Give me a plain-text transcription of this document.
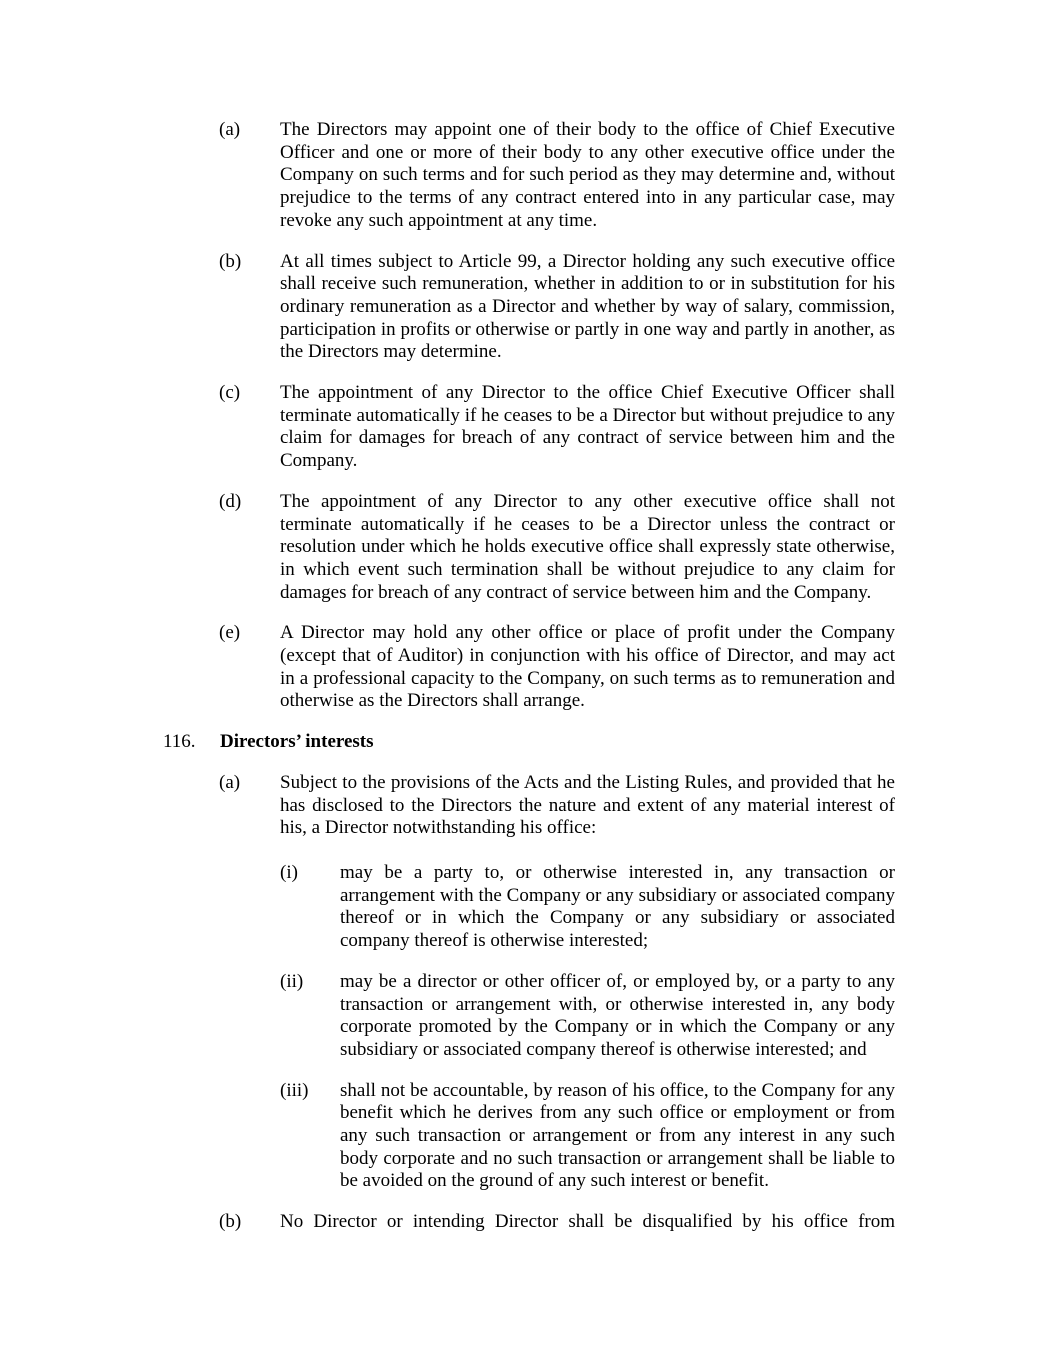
(a)	The Directors may appoint one of their body to the office of Chief Executive Officer and one or more of their body to any other executive office under the Company on such terms and for such period as they may determine and, without prejudice to the terms of any contract entered into in any particular case, may revoke any such appointment at any time.
(b)	At all times subject to Article 99, a Director holding any such executive office shall receive such remuneration, whether in addition to or in substitution for his ordinary remuneration as a Director and whether by way of salary, commission, participation in profits or otherwise or partly in one way and partly in another, as the Directors may determine.
(c)	The appointment of any Director to the office Chief Executive Officer shall terminate automatically if he ceases to be a Director but without prejudice to any claim for damages for breach of any contract of service between him and the Company.
(d)	The appointment of any Director to any other executive office shall not terminate automatically if he ceases to be a Director unless the contract or resolution under which he holds executive office shall expressly state otherwise, in which event such termination shall be without prejudice to any claim for damages for breach of any contract of service between him and the Company.
(e)	A Director may hold any other office or place of profit under the Company (except that of Auditor) in conjunction with his office of Director, and may act in a professional capacity to the Company, on such terms as to remuneration and otherwise as the Directors shall arrange.
116.	Directors’ interests
(a)	Subject to the provisions of the Acts and the Listing Rules, and provided that he has disclosed to the Directors the nature and extent of any material interest of his, a Director notwithstanding his office:
(i)	may be a party to, or otherwise interested in, any transaction or arrangement with the Company or any subsidiary or associated company thereof or in which the Company or any subsidiary or associated company thereof is otherwise interested;
(ii)	may be a director or other officer of, or employed by, or a party to any transaction or arrangement with, or otherwise interested in, any body corporate promoted by the Company or in which the Company or any subsidiary or associated company thereof is otherwise interested; and
(iii)	shall not be accountable, by reason of his office, to the Company for any benefit which he derives from any such office or employment or from any such transaction or arrangement or from any interest in any such body corporate and no such transaction or arrangement shall be liable to be avoided on the ground of any such interest or benefit.
(b)	No Director or intending Director shall be disqualified by his office from
